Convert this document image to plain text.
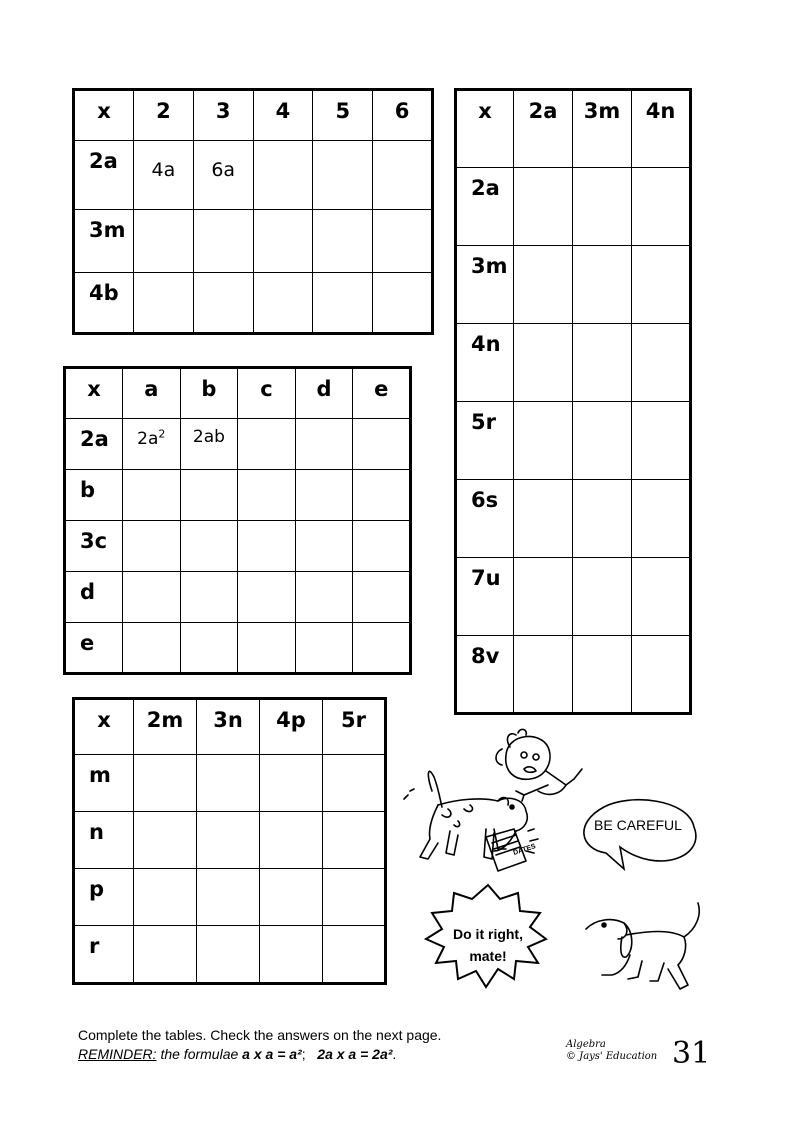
x	2	3	4	5	6
2a	4a	6a			
3m					
4b					
x	2a	3m	4n
2a			
3m			
4n			
5r			
6s			
7u			
8v			
x	a	b	c	d	e
2a	$2a^2$	2ab			
b					
3c					
d					
e					
x	2m	3n	4p	5r
m				
n				
p				
r				
BE CAREFUL
Do it right,
mate!
DATES
Complete the tables. Check the answers on the next page.
REMINDER: the formulae a x a = a²;   2a x a = 2a².
Algebra
© Jays' Education 31
